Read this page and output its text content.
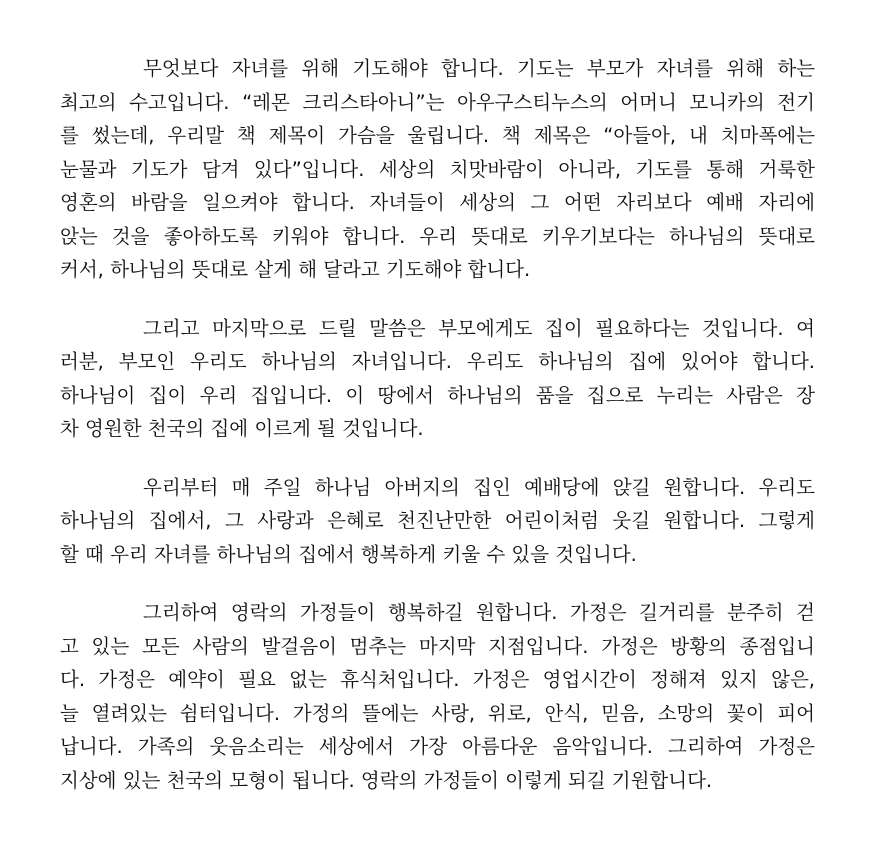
무엇보다 자녀를 위해 기도해야 합니다. 기도는 부모가 자녀를 위해 하는
최고의 수고입니다. “레몬 크리스타아니”는 아우구스티누스의 어머니 모니카의 전기
를 썼는데, 우리말 책 제목이 가슴을 울립니다. 책 제목은 “아들아, 내 치마폭에는
눈물과 기도가 담겨 있다”입니다. 세상의 치맛바람이 아니라, 기도를 통해 거룩한
영혼의 바람을 일으켜야 합니다. 자녀들이 세상의 그 어떤 자리보다 예배 자리에
앉는 것을 좋아하도록 키워야 합니다. 우리 뜻대로 키우기보다는 하나님의 뜻대로
커서, 하나님의 뜻대로 살게 해 달라고 기도해야 합니다.
그리고 마지막으로 드릴 말씀은 부모에게도 집이 필요하다는 것입니다. 여
러분, 부모인 우리도 하나님의 자녀입니다. 우리도 하나님의 집에 있어야 합니다.
하나님이 집이 우리 집입니다. 이 땅에서 하나님의 품을 집으로 누리는 사람은 장
차 영원한 천국의 집에 이르게 될 것입니다.
우리부터 매 주일 하나님 아버지의 집인 예배당에 앉길 원합니다. 우리도
하나님의 집에서, 그 사랑과 은혜로 천진난만한 어린이처럼 웃길 원합니다. 그렇게
할 때 우리 자녀를 하나님의 집에서 행복하게 키울 수 있을 것입니다.
그리하여 영락의 가정들이 행복하길 원합니다. 가정은 길거리를 분주히 걷
고 있는 모든 사람의 발걸음이 멈추는 마지막 지점입니다. 가정은 방황의 종점입니
다. 가정은 예약이 필요 없는 휴식처입니다. 가정은 영업시간이 정해져 있지 않은,
늘 열려있는 쉼터입니다. 가정의 뜰에는 사랑, 위로, 안식, 믿음, 소망의 꽃이 피어
납니다. 가족의 웃음소리는 세상에서 가장 아름다운 음악입니다. 그리하여 가정은
지상에 있는 천국의 모형이 됩니다. 영락의 가정들이 이렇게 되길 기원합니다.
